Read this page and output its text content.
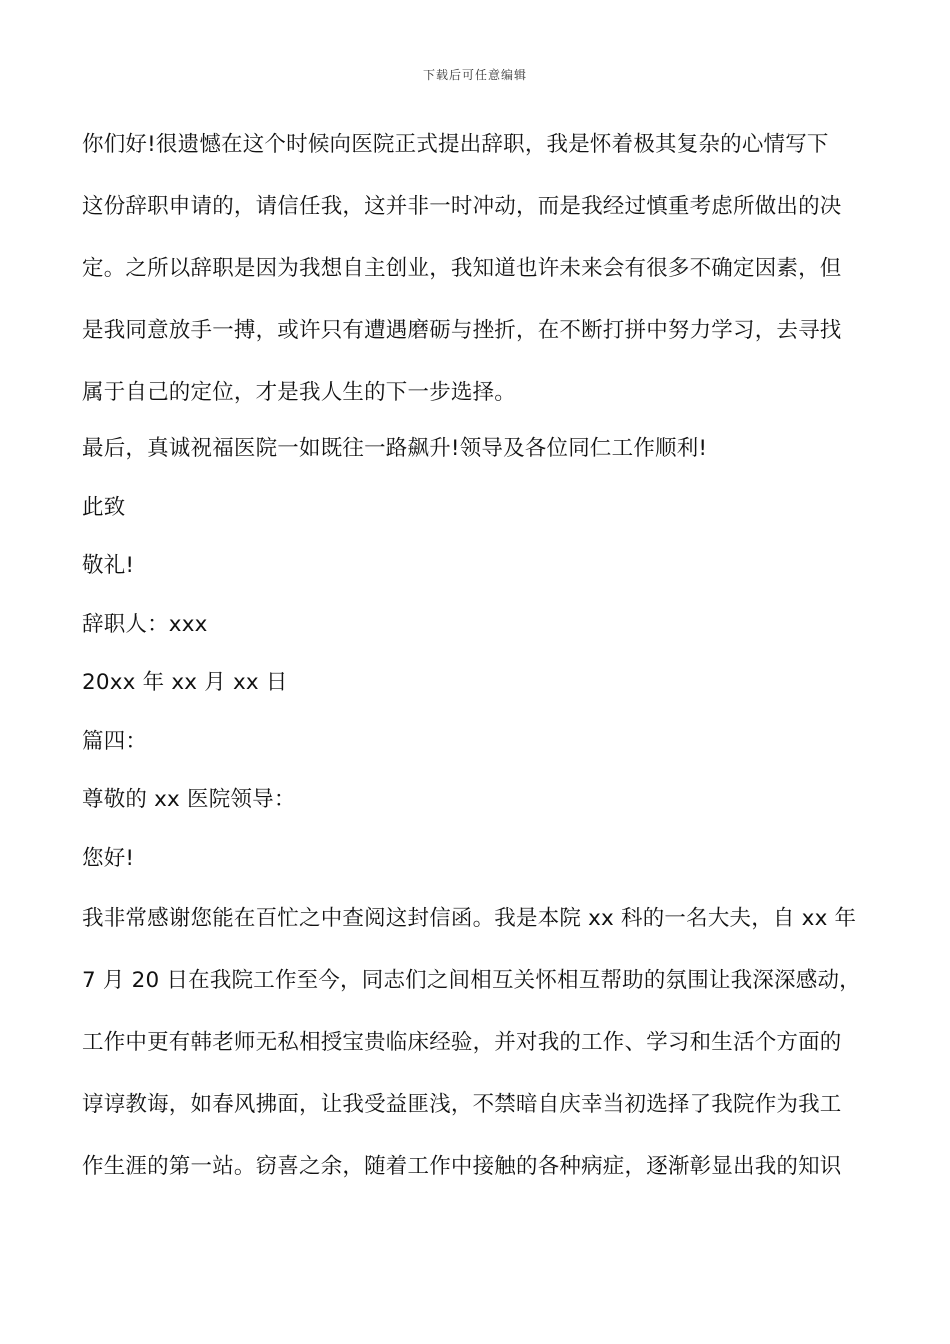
下载后可任意编辑

你们好!很遗憾在这个时候向医院正式提出辞职，我是怀着极其复杂的心情写下

这份辞职申请的，请信任我，这并非一时冲动，而是我经过慎重考虑所做出的决

定。之所以辞职是因为我想自主创业，我知道也许未来会有很多不确定因素，但

是我同意放手一搏，或许只有遭遇磨砺与挫折，在不断打拼中努力学习，去寻找

属于自己的定位，才是我人生的下一步选择。

最后，真诚祝福医院一如既往一路飙升!领导及各位同仁工作顺利!

此致

敬礼!

辞职人：xxx

20xx 年 xx 月 xx 日

篇四：

尊敬的 xx 医院领导：

您好!

我非常感谢您能在百忙之中查阅这封信函。我是本院 xx 科的一名大夫，自 xx 年

7 月 20 日在我院工作至今，同志们之间相互关怀相互帮助的氛围让我深深感动，

工作中更有韩老师无私相授宝贵临床经验，并对我的工作、学习和生活个方面的

谆谆教诲，如春风拂面，让我受益匪浅，不禁暗自庆幸当初选择了我院作为我工

作生涯的第一站。窃喜之余，随着工作中接触的各种病症，逐渐彰显出我的知识
